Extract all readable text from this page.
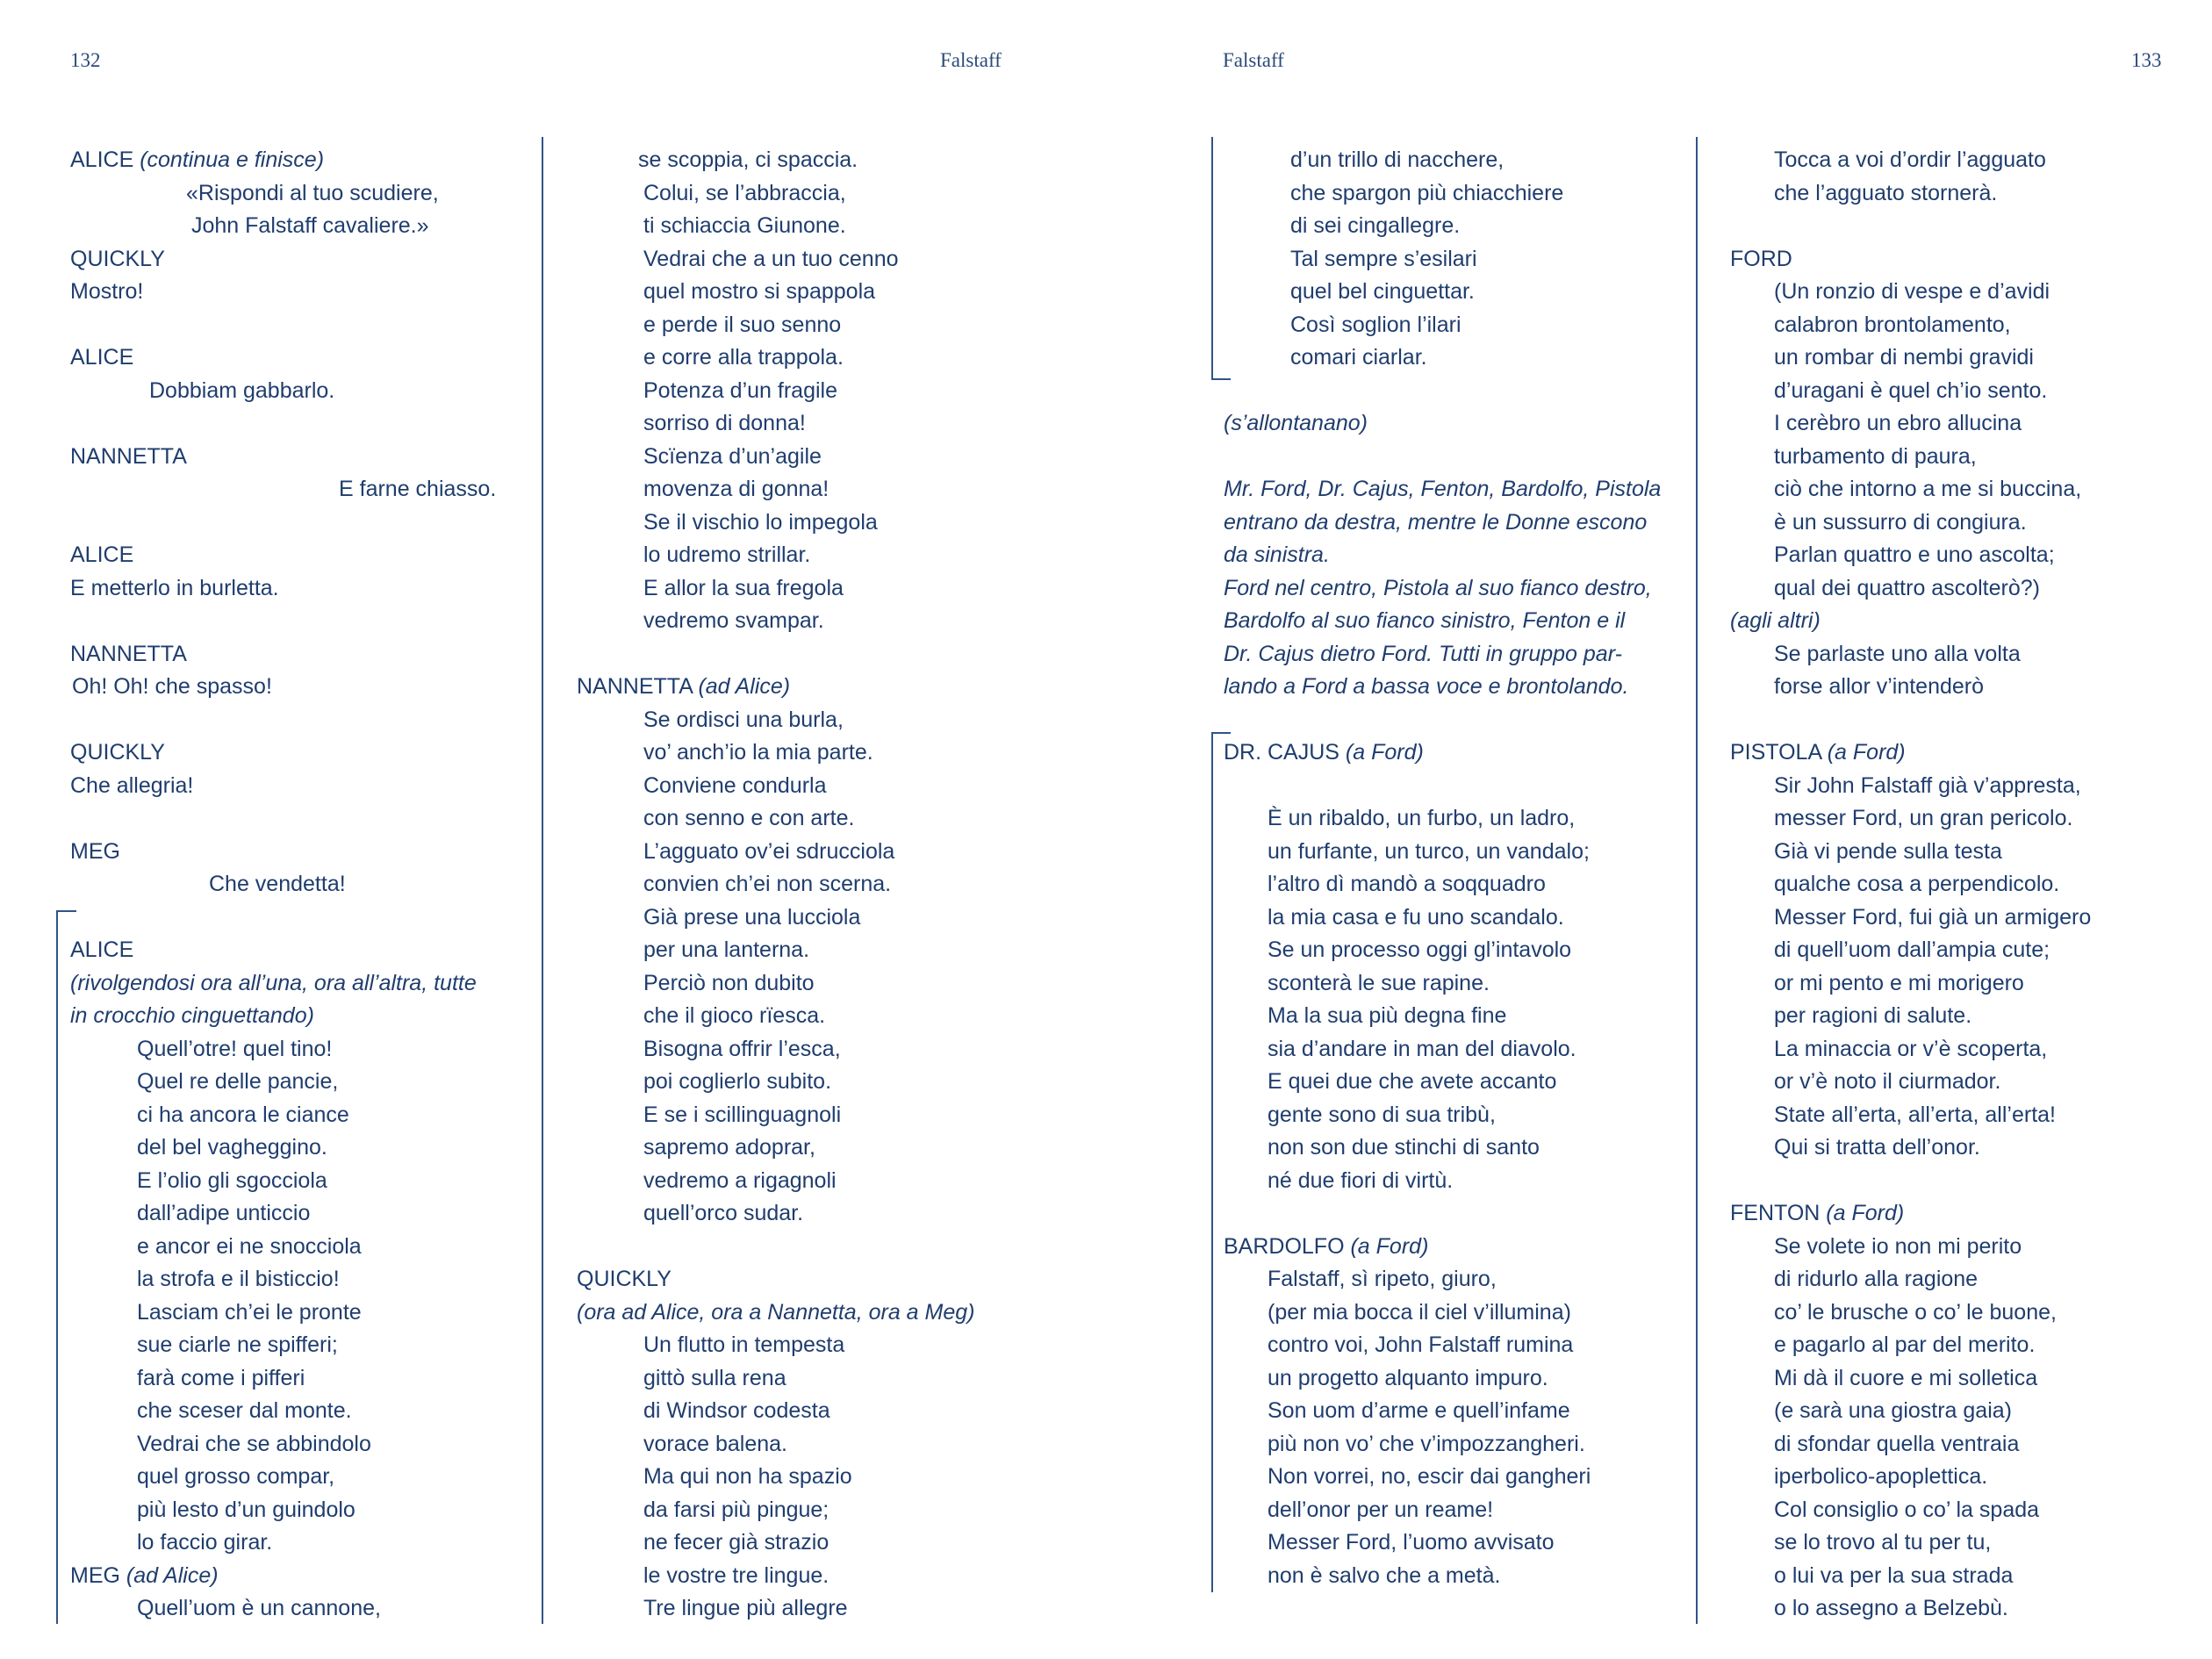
132	Falstaff	Falstaff	133
ALICE (continua e finisce)
«Rispondi al tuo scudiere,
John Falstaff cavaliere.»
QUICKLY
Mostro!
ALICE
Dobbiam gabbarlo.
NANNETTA
E farne chiasso.
ALICE
E metterlo in burletta.
NANNETTA
Oh! Oh! che spasso!
QUICKLY
Che allegria!
MEG
Che vendetta!
ALICE
(rivolgendosi ora all’una, ora all’altra, tutte
in crocchio cinguettando)
Quell’otre! quel tino!
Quel re delle pancie,
ci ha ancora le ciance
del bel vagheggino.
E l’olio gli sgocciola
dall’adipe unticcio
e ancor ei ne snocciola
la strofa e il bisticcio!
Lasciam ch’ei le pronte
sue ciarle ne spifferi;
farà come i pifferi
che sceser dal monte.
Vedrai che se abbindolo
quel grosso compar,
più lesto d’un guindolo
lo faccio girar.
MEG (ad Alice)
Quell’uom è un cannone,
se scoppia, ci spaccia.
Colui, se l’abbraccia,
ti schiaccia Giunone.
Vedrai che a un tuo cenno
quel mostro si spappola
e perde il suo senno
e corre alla trappola.
Potenza d’un fragile
sorriso di donna!
Scïenza d’un’agile
movenza di gonna!
Se il vischio lo impegola
lo udremo strillar.
E allor la sua fregola
vedremo svampar.
NANNETTA (ad Alice)
Se ordisci una burla,
vo’ anch’io la mia parte.
Conviene condurla
con senno e con arte.
L’agguato ov’ei sdrucciola
convien ch’ei non scerna.
Già prese una lucciola
per una lanterna.
Perciò non dubito
che il gioco rïesca.
Bisogna offrir l’esca,
poi coglierlo subito.
E se i scillinguagnoli
sapremo adoprar,
vedremo a rigagnoli
quell’orco sudar.
QUICKLY
(ora ad Alice, ora a Nannetta, ora a Meg)
Un flutto in tempesta
gittò sulla rena
di Windsor codesta
vorace balena.
Ma qui non ha spazio
da farsi più pingue;
ne fecer già strazio
le vostre tre lingue.
Tre lingue più allegre
d’un trillo di nacchere,
che spargon più chiacchiere
di sei cingallegre.
Tal sempre s’esilari
quel bel cinguettar.
Così soglion l’ilari
comari ciarlar.
(s’allontanano)
Mr. Ford, Dr. Cajus, Fenton, Bardolfo, Pistola
entrano da destra, mentre le Donne escono
da sinistra.
Ford nel centro, Pistola al suo fianco destro,
Bardolfo al suo fianco sinistro, Fenton e il
Dr. Cajus dietro Ford. Tutti in gruppo par-
lando a Ford a bassa voce e brontolando.
DR. CAJUS (a Ford)
È un ribaldo, un furbo, un ladro,
un furfante, un turco, un vandalo;
l’altro dì mandò a soqquadro
la mia casa e fu uno scandalo.
Se un processo oggi gl’intavolo
sconterà le sue rapine.
Ma la sua più degna fine
sia d’andare in man del diavolo.
E quei due che avete accanto
gente sono di sua tribù,
non son due stinchi di santo
né due fiori di virtù.
BARDOLFO (a Ford)
Falstaff, sì ripeto, giuro,
(per mia bocca il ciel v’illumina)
contro voi, John Falstaff rumina
un progetto alquanto impuro.
Son uom d’arme e quell’infame
più non vo’ che v’impozzangheri.
Non vorrei, no, escir dai gangheri
dell’onor per un reame!
Messer Ford, l’uomo avvisato
non è salvo che a metà.
Tocca a voi d’ordir l’agguato
che l’agguato stornerà.
FORD
(Un ronzio di vespe e d’avidi
calabron brontolamento,
un rombar di nembi gravidi
d’uragani è quel ch’io sento.
I cerèbro un ebro allucina
turbamento di paura,
ciò che intorno a me si buccina,
è un sussurro di congiura.
Parlan quattro e uno ascolta;
qual dei quattro ascolterò?)
(agli altri)
Se parlaste uno alla volta
forse allor v’intenderò
PISTOLA (a Ford)
Sir John Falstaff già v’appresta,
messer Ford, un gran pericolo.
Già vi pende sulla testa
qualche cosa a perpendicolo.
Messer Ford, fui già un armigero
di quell’uom dall’ampia cute;
or mi pento e mi morigero
per ragioni di salute.
La minaccia or v’è scoperta,
or v’è noto il ciurmador.
State all’erta, all’erta, all’erta!
Qui si tratta dell’onor.
FENTON (a Ford)
Se volete io non mi perito
di ridurlo alla ragione
co’ le brusche o co’ le buone,
e pagarlo al par del merito.
Mi dà il cuore e mi solletica
(e sarà una giostra gaia)
di sfondar quella ventraia
iperbolico-apoplettica.
Col consiglio o co’ la spada
se lo trovo al tu per tu,
o lui va per la sua strada
o lo assegno a Belzebù.
